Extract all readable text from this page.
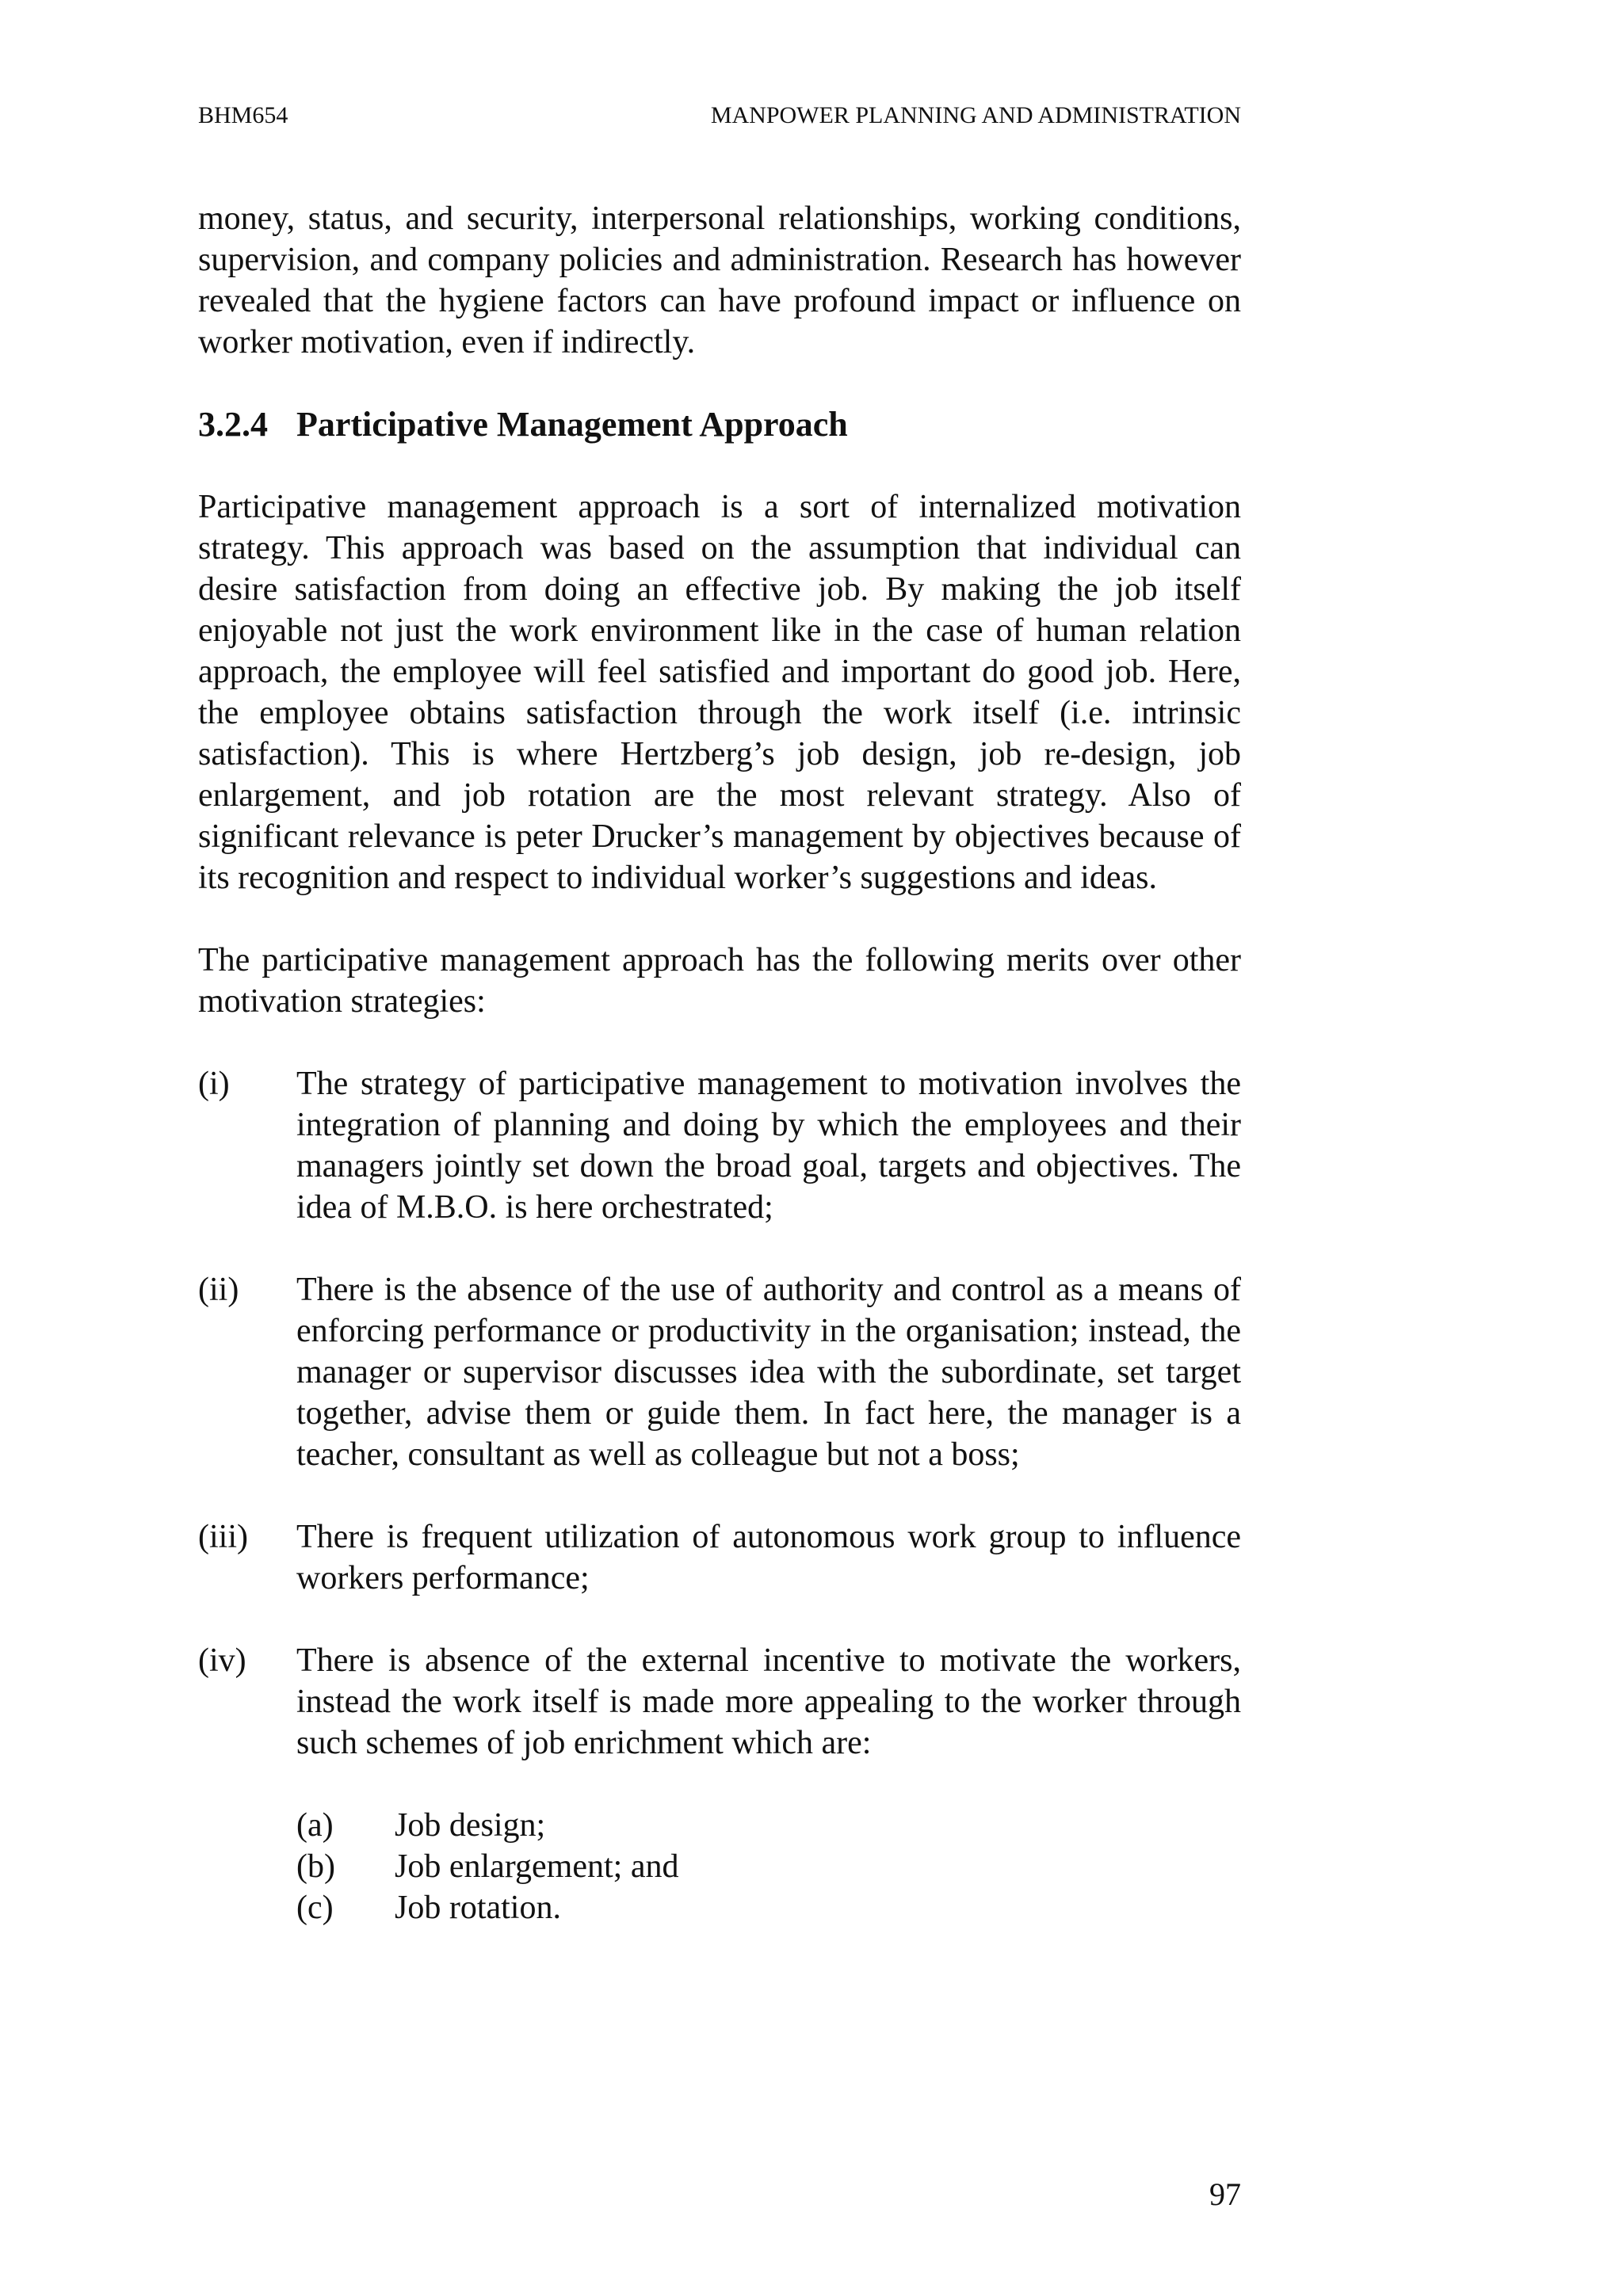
BHM654	MANPOWER PLANNING AND ADMINISTRATION

money, status, and security, interpersonal relationships, working conditions, supervision, and company policies and administration. Research has however revealed that the hygiene factors can have profound impact or influence on worker motivation, even if indirectly.

3.2.4 Participative Management Approach

Participative management approach is a sort of internalized motivation strategy. This approach was based on the assumption that individual can desire satisfaction from doing an effective job. By making the job itself enjoyable not just the work environment like in the case of human relation approach, the employee will feel satisfied and important do good job. Here, the employee obtains satisfaction through the work itself (i.e. intrinsic satisfaction). This is where Hertzberg’s job design, job re-design, job enlargement, and job rotation are the most relevant strategy. Also of significant relevance is peter Drucker’s management by objectives because of its recognition and respect to individual worker’s suggestions and ideas.

The participative management approach has the following merits over other motivation strategies:

(i) The strategy of participative management to motivation involves the integration of planning and doing by which the employees and their managers jointly set down the broad goal, targets and objectives. The idea of M.B.O. is here orchestrated;
(ii) There is the absence of the use of authority and control as a means of enforcing performance or productivity in the organisation; instead, the manager or supervisor discusses idea with the subordinate, set target together, advise them or guide them. In fact here, the manager is a teacher, consultant as well as colleague but not a boss;
(iii) There is frequent utilization of autonomous work group to influence workers performance;
(iv) There is absence of the external incentive to motivate the workers, instead the work itself is made more appealing to the worker through such schemes of job enrichment which are:
(a) Job design;
(b) Job enlargement; and
(c) Job rotation.
97
